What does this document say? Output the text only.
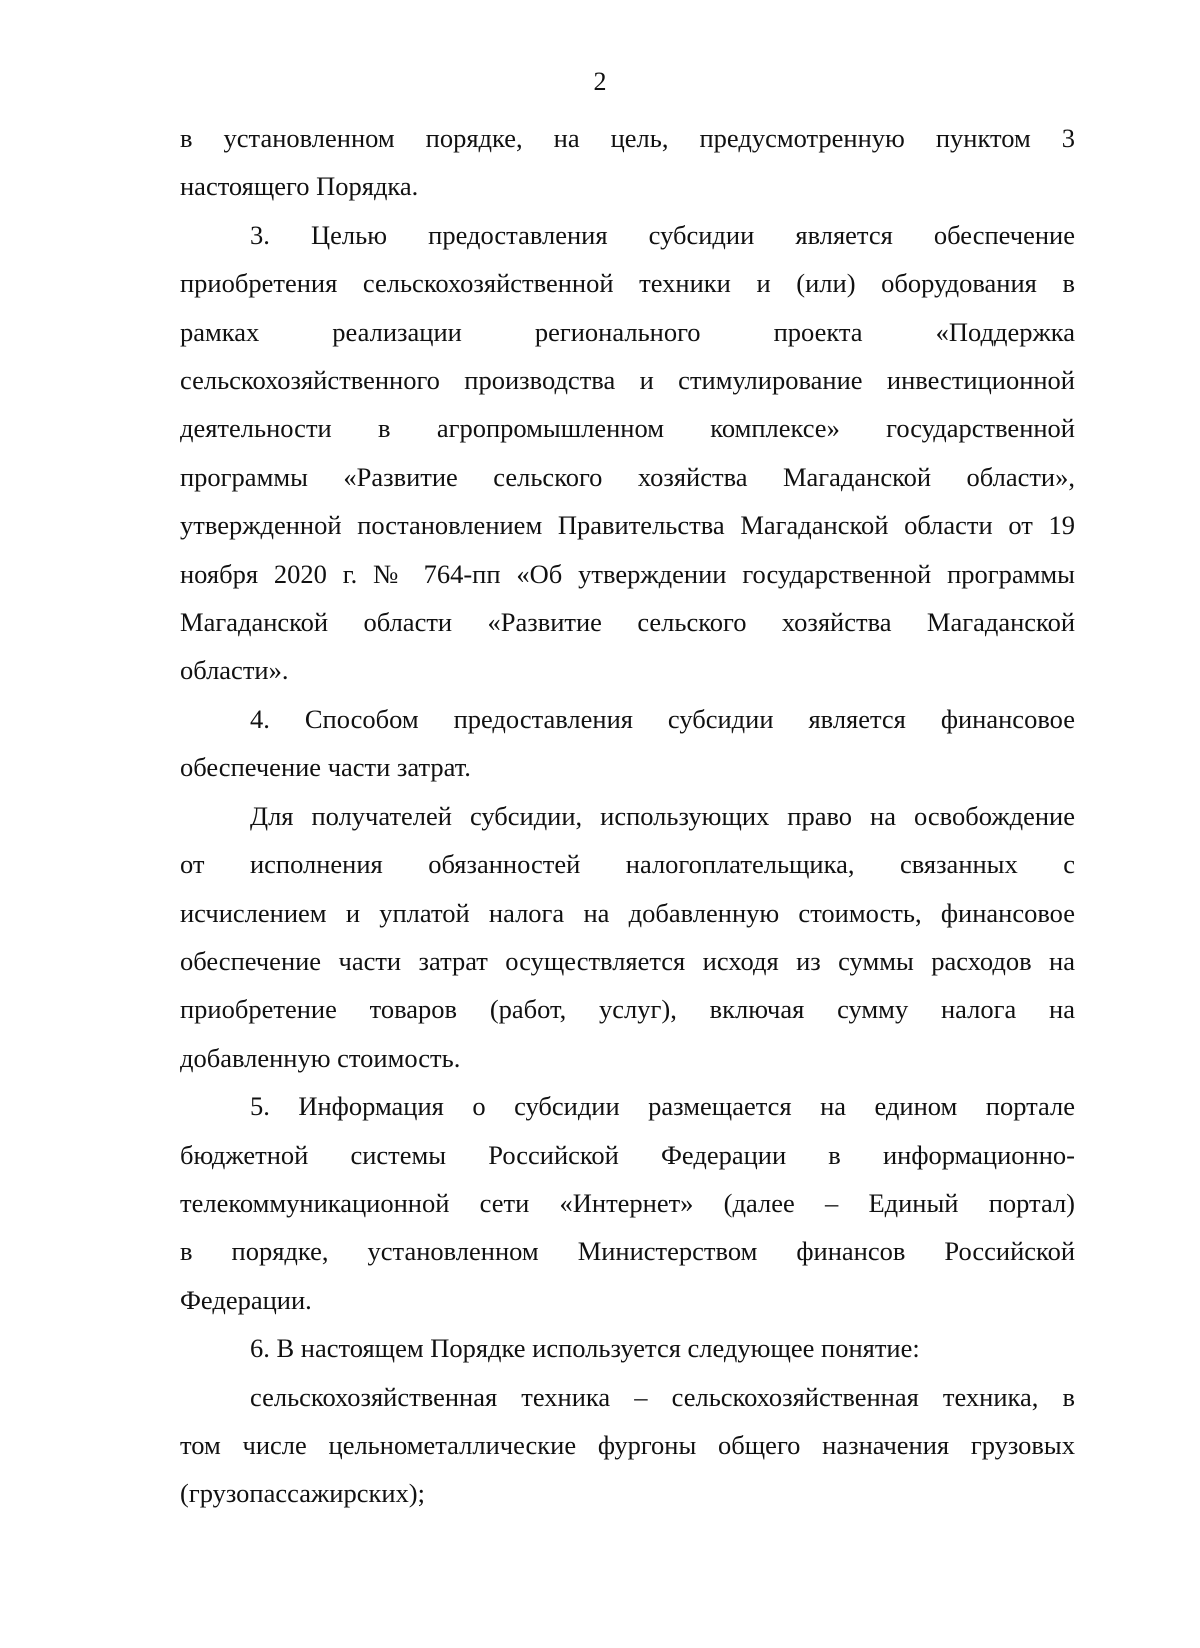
2
в установленном порядке, на цель, предусмотренную пунктом 3
настоящего Порядка.
3. Целью предоставления субсидии является обеспечение
приобретения сельскохозяйственной техники и (или) оборудования в
рамках реализации регионального проекта «Поддержка
сельскохозяйственного производства и стимулирование инвестиционной
деятельности в агропромышленном комплексе» государственной
программы «Развитие сельского хозяйства Магаданской области»,
утвержденной постановлением Правительства Магаданской области от 19
ноября 2020 г. № 764-пп «Об утверждении государственной программы
Магаданской области «Развитие сельского хозяйства Магаданской
области».
4. Способом предоставления субсидии является финансовое
обеспечение части затрат.
Для получателей субсидии, использующих право на освобождение
от исполнения обязанностей налогоплательщика, связанных с
исчислением и уплатой налога на добавленную стоимость, финансовое
обеспечение части затрат осуществляется исходя из суммы расходов на
приобретение товаров (работ, услуг), включая сумму налога на
добавленную стоимость.
5. Информация о субсидии размещается на едином портале
бюджетной системы Российской Федерации в информационно-
телекоммуникационной сети «Интернет» (далее – Единый портал)
в порядке, установленном Министерством финансов Российской
Федерации.
6. В настоящем Порядке используется следующее понятие:
сельскохозяйственная техника – сельскохозяйственная техника, в
том числе цельнометаллические фургоны общего назначения грузовых
(грузопассажирских);
